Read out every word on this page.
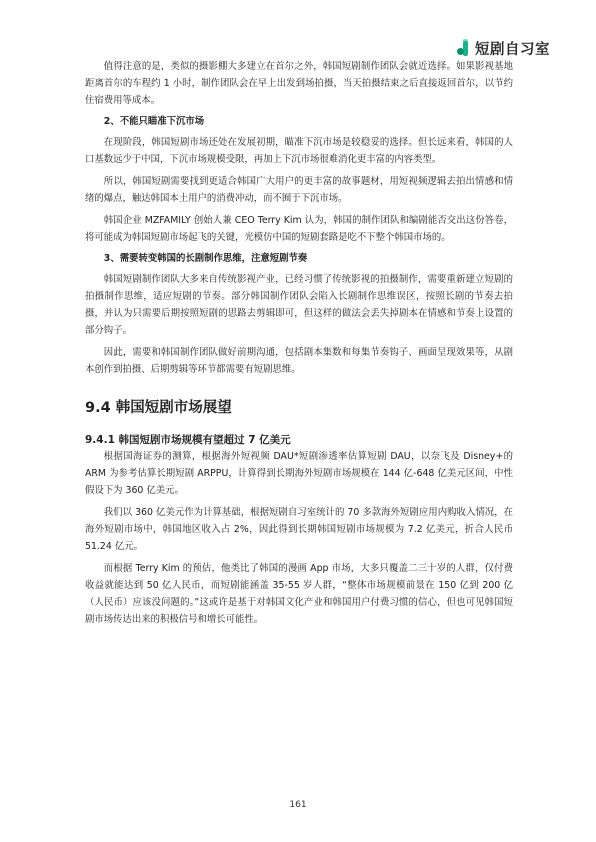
短剧自习室

值得注意的是，类似的摄影棚大多建立在首尔之外，韩国短剧制作团队会就近选择。如果影视基地距离首尔的车程约 1 小时，制作团队会在早上出发到场拍摄，当天拍摄结束之后直接返回首尔，以节约住宿费用等成本。

2、不能只瞄准下沉市场

在现阶段，韩国短剧市场还处在发展初期，瞄准下沉市场是较稳妥的选择。但长远来看，韩国的人口基数远少于中国，下沉市场规模受限，再加上下沉市场很难消化更丰富的内容类型。

所以，韩国短剧需要找到更适合韩国广大用户的更丰富的故事题材，用短视频逻辑去拍出情感和情绪的爆点，触达韩国本土用户的消费冲动，而不囿于下沉市场。

韩国企业 MZFAMILY 创始人兼 CEO Terry Kim 认为，韩国的制作团队和编剧能否交出这份答卷，将可能成为韩国短剧市场起飞的关键，光模仿中国的短剧套路是吃不下整个韩国市场的。

3、需要转变韩国的长剧制作思维，注意短剧节奏

韩国短剧制作团队大多来自传统影视产业，已经习惯了传统影视的拍摄制作，需要重新建立短剧的拍摄制作思维，适应短剧的节奏。部分韩国制作团队会陷入长剧制作思维误区，按照长剧的节奏去拍摄，并认为只需要后期按照短剧的思路去剪辑即可，但这样的做法会丢失掉剧本在情感和节奏上设置的部分钩子。

因此，需要和韩国制作团队做好前期沟通，包括剧本集数和每集节奏钩子、画面呈现效果等，从剧本创作到拍摄、后期剪辑等环节都需要有短剧思维。

9.4 韩国短剧市场展望
9.4.1 韩国短剧市场规模有望超过 7 亿美元

根据国海证券的测算，根据海外短视频 DAU*短剧渗透率估算短剧 DAU，以奈飞及 Disney+的 ARM 为参考估算长期短剧 ARPPU，计算得到长期海外短剧市场规模在 144 亿-648 亿美元区间，中性假设下为 360 亿美元。

我们以 360 亿美元作为计算基础，根据短剧自习室统计的 70 多款海外短剧应用内购收入情况，在海外短剧市场中，韩国地区收入占 2%，因此得到长期韩国短剧市场规模为 7.2 亿美元，折合人民币 51.24 亿元。

而根据 Terry Kim 的预估，他类比了韩国的漫画 App 市场，大多只覆盖二三十岁的人群，仅付费收益就能达到 50 亿人民币，而短剧能涵盖 35-55 岁人群，“整体市场规模前景在 150 亿到 200 亿（人民币）应该没问题的。”这或许是基于对韩国文化产业和韩国用户付费习惯的信心，但也可见韩国短剧市场传达出来的积极信号和增长可能性。

161
